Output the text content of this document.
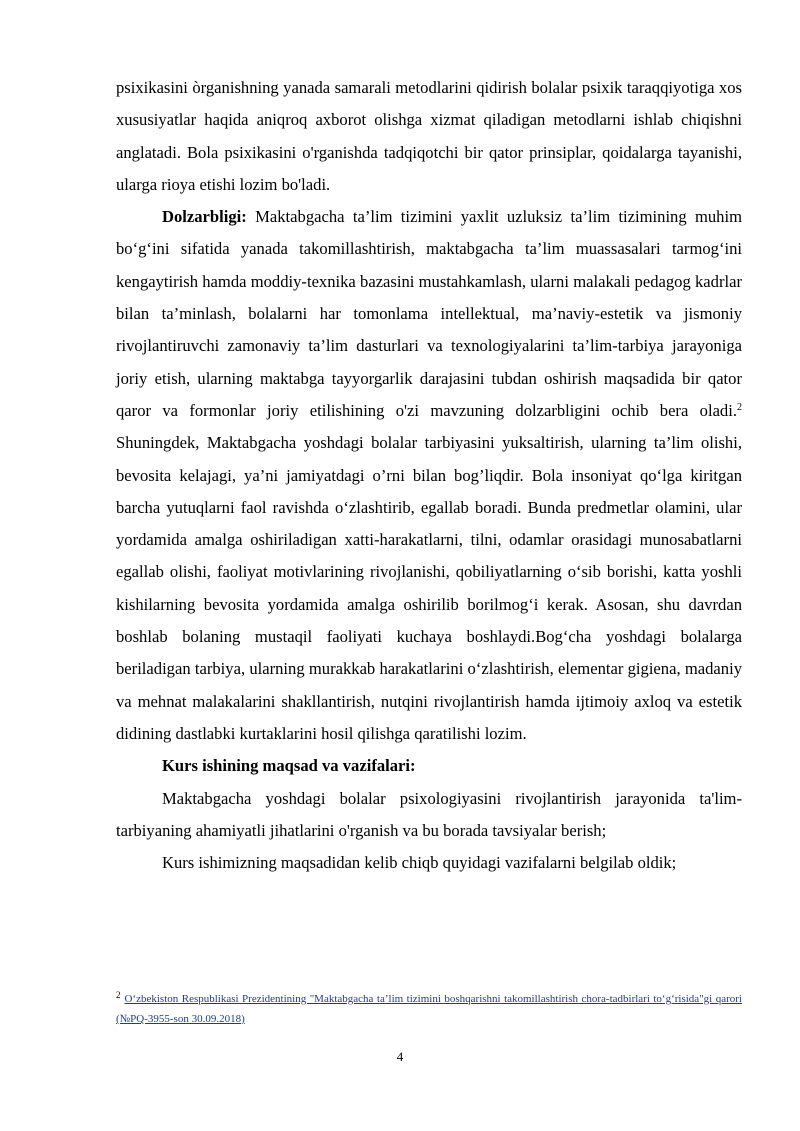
psixikasini òrganishning yanada samarali metodlarini qidirish bolalar psixik taraqqiyotiga xos xususiyatlar haqida aniqroq axborot olishga xizmat qiladigan metodlarni ishlab chiqishni anglatadi. Bola psixikasini o'rganishda tadqiqotchi bir qator prinsiplar, qoidalarga tayanishi, ularga rioya etishi lozim bo'ladi.

Dolzarbligi: Maktabgacha ta’lim tizimini yaxlit uzluksiz ta’lim tizimining muhim bo‘g‘ini sifatida yanada takomillashtirish, maktabgacha ta’lim muassasalari tarmog‘ini kengaytirish hamda moddiy-texnika bazasini mustahkamlash, ularni malakali pedagog kadrlar bilan ta’minlash, bolalarni har tomonlama intellektual, ma’naviy-estetik va jismoniy rivojlantiruvchi zamonaviy ta’lim dasturlari va texnologiyalarini ta’lim-tarbiya jarayoniga joriy etish, ularning maktabga tayyorgarlik darajasini tubdan oshirish maqsadida bir qator qaror va formonlar joriy etilishining o'zi mavzuning dolzarbligini ochib bera oladi.$^2$ Shuningdek, Maktabgacha yoshdagi bolalar tarbiyasini yuksaltirish, ularning ta’lim olishi, bevosita kelajagi, ya’ni jamiyatdagi o’rni bilan bog’liqdir. Bola insoniyat qo‘lga kiritgan barcha yutuqlarni faol ravishda o‘zlashtirib, egallab boradi. Bunda predmetlar olamini, ular yordamida amalga oshiriladigan xatti-harakatlarni, tilni, odamlar orasidagi munosabatlarni egallab olishi, faoliyat motivlarining rivojlanishi, qobiliyatlarning o‘sib borishi, katta yoshli kishilarning bevosita yordamida amalga oshirilib borilmog‘i kerak. Asosan, shu davrdan boshlab bolaning mustaqil faoliyati kuchaya boshlaydi.Bog‘cha yoshdagi bolalarga beriladigan tarbiya, ularning murakkab harakatlarini o‘zlashtirish, elementar gigiena, madaniy va mehnat malakalarini shakllantirish, nutqini rivojlantirish hamda ijtimoiy axloq va estetik didining dastlabki kurtaklarini hosil qilishga qaratilishi lozim.

Kurs ishining maqsad va vazifalari:

Maktabgacha yoshdagi bolalar psixologiyasini rivojlantirish jarayonida ta'lim-tarbiyaning ahamiyatli jihatlarini o'rganish va bu borada tavsiyalar berish;

Kurs ishimizning maqsadidan kelib chiqb quyidagi vazifalarni belgilab oldik;

$^2$ O‘zbekiston Respublikasi Prezidentining "Maktabgacha ta’lim tizimini boshqarishni takomillashtirish chora-tadbirlari to‘g‘risida"gi qarori (№PQ-3955-son 30.09.2018)
4
